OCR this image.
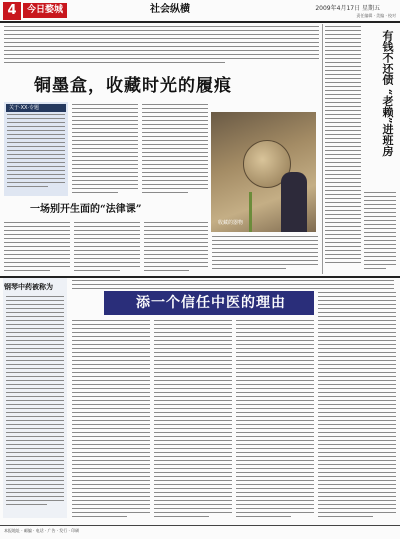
4	今日婺城	社会纵横	2009年4月17日 星期五
责任编辑 · 美编 · 校对
铜墨盒，收藏时光的履痕	有钱不还债 “老赖”进班房
关于·XX·专题
收藏的器物
一场别开生面的“法律课”
添一个信任中医的理由
钢琴中药被称为
本报地址 · 邮编 · 电话 · 广告 · 发行 · 印刷
